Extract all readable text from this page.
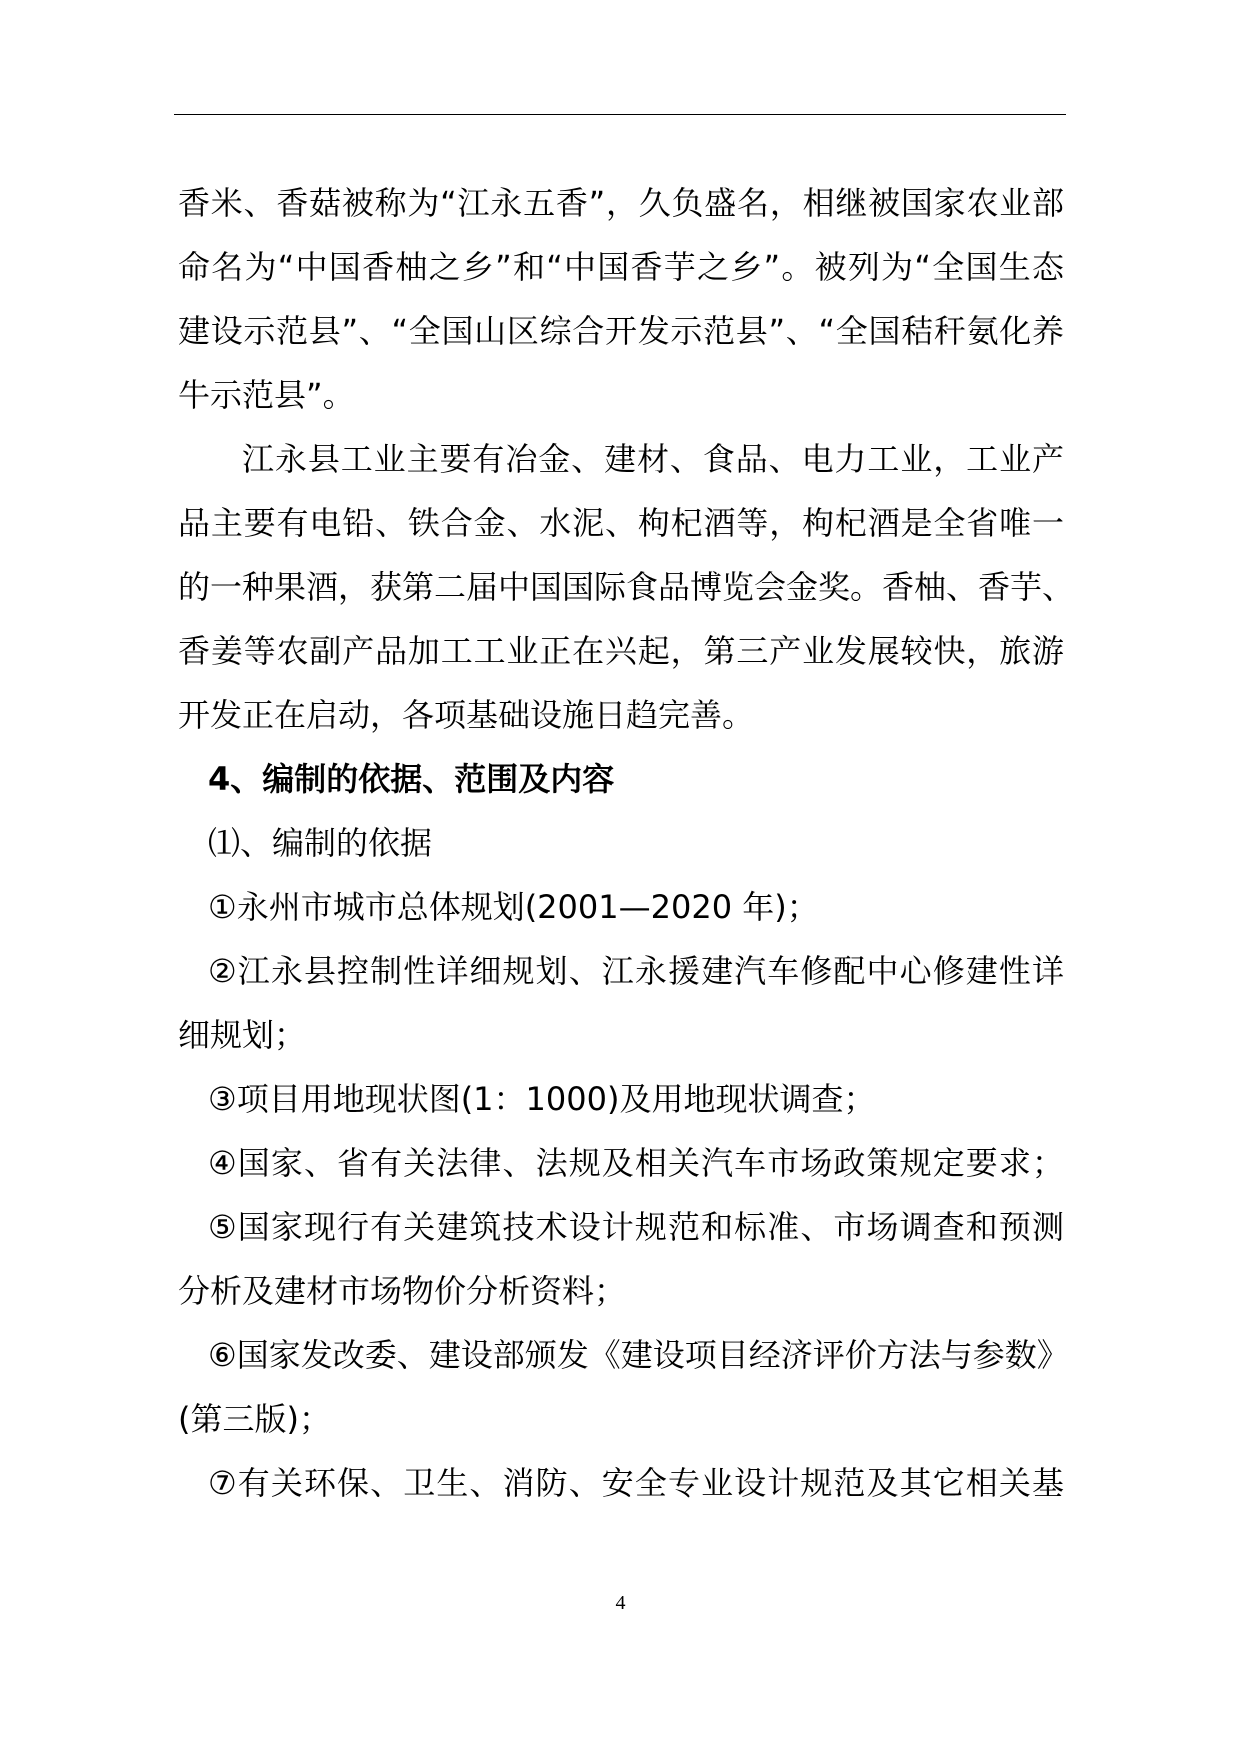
香米、香菇被称为“江永五香”，久负盛名，相继被国家农业部
命名为“中国香柚之乡”和“中国香芋之乡”。被列为“全国生态
建设示范县”、“全国山区综合开发示范县”、“全国秸秆氨化养
牛示范县”。
江永县工业主要有冶金、建材、食品、电力工业，工业产
品主要有电铅、铁合金、水泥、枸杞酒等，枸杞酒是全省唯一
的一种果酒，获第二届中国国际食品博览会金奖。香柚、香芋、
香姜等农副产品加工工业正在兴起，第三产业发展较快，旅游
开发正在启动，各项基础设施日趋完善。
4、编制的依据、范围及内容
⑴、编制的依据
①永州市城市总体规划(2001—2020 年)；
②江永县控制性详细规划、江永援建汽车修配中心修建性详
细规划；
③项目用地现状图(1：1000)及用地现状调查；
④国家、省有关法律、法规及相关汽车市场政策规定要求；
⑤国家现行有关建筑技术设计规范和标准、市场调查和预测
分析及建材市场物价分析资料；
⑥国家发改委、建设部颁发《建设项目经济评价方法与参数》
(第三版)；
⑦有关环保、卫生、消防、安全专业设计规范及其它相关基
4
